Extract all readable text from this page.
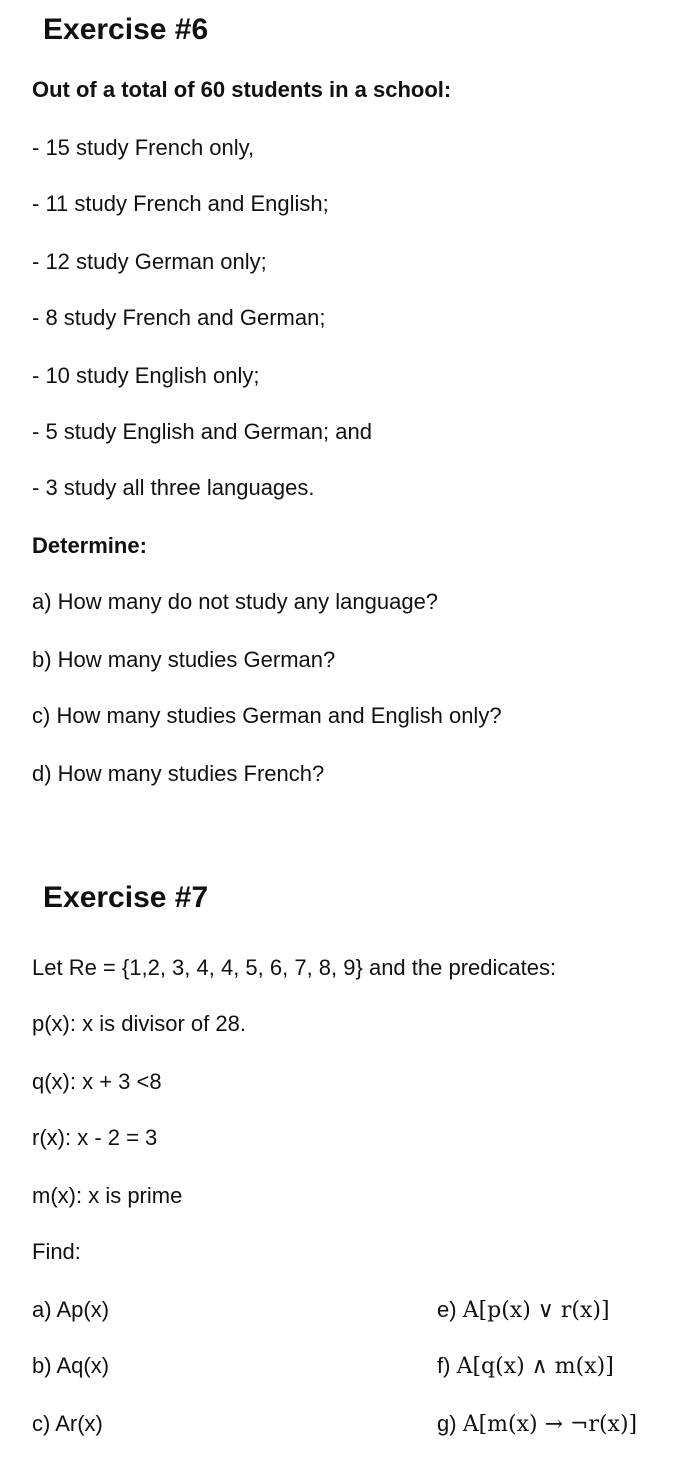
Exercise #6
Out of a total of 60 students in a school:
- 15 study French only,
- 11 study French and English;
- 12 study German only;
- 8 study French and German;
- 10 study English only;
- 5 study English and German; and
- 3 study all three languages.
Determine:
a) How many do not study any language?
b) How many studies German?
c) How many studies German and English only?
d) How many studies French?
Exercise #7
Let Re = {1,2, 3, 4, 4, 5, 6, 7, 8, 9} and the predicates:
p(x): x is divisor of 28.
q(x): x + 3 <8
r(x): x - 2 = 3
m(x): x is prime
Find:
a) Ap(x)
b) Aq(x)
c) Ar(x)
e) A[p(x) ∨ r(x)]
f) A[q(x) ∧ m(x)]
g) A[m(x) → ¬r(x)]
